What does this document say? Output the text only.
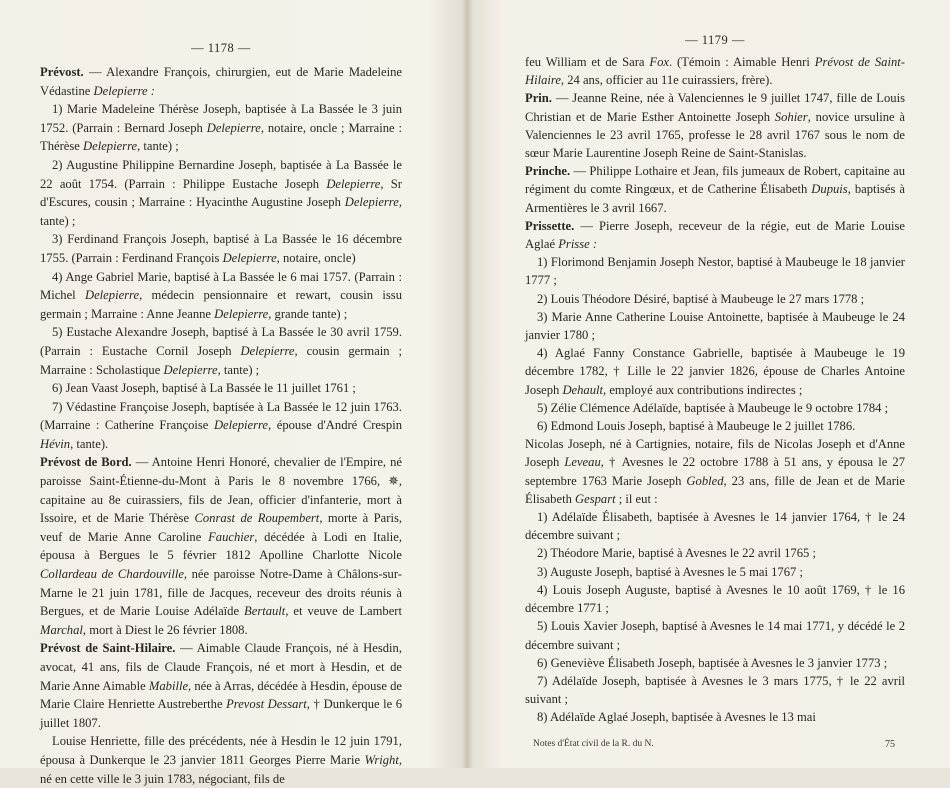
— 1178 —

Prévost. — Alexandre François, chirurgien, eut de Marie Madeleine Védastine Delepierre :

1) Marie Madeleine Thérèse Joseph, baptisée à La Bassée le 3 juin 1752. (Parrain : Bernard Joseph Delepierre, notaire, oncle ; Marraine : Thérèse Delepierre, tante) ;

2) Augustine Philippine Bernardine Joseph, baptisée à La Bassée le 22 août 1754. (Parrain : Philippe Eustache Joseph Delepierre, Sr d'Escures, cousin ; Marraine : Hyacinthe Augustine Joseph Delepierre, tante) ;

3) Ferdinand François Joseph, baptisé à La Bassée le 16 décembre 1755. (Parrain : Ferdinand François Delepierre, notaire, oncle)

4) Ange Gabriel Marie, baptisé à La Bassée le 6 mai 1757. (Parrain : Michel Delepierre, médecin pensionnaire et rewart, cousin issu germain ; Marraine : Anne Jeanne Delepierre, grande tante) ;

5) Eustache Alexandre Joseph, baptisé à La Bassée le 30 avril 1759. (Parrain : Eustache Cornil Joseph Delepierre, cousin germain ; Marraine : Scholastique Delepierre, tante) ;

6) Jean Vaast Joseph, baptisé à La Bassée le 11 juillet 1761 ;

7) Védastine Françoise Joseph, baptisée à La Bassée le 12 juin 1763. (Marraine : Catherine Françoise Delepierre, épouse d'André Crespin Hévin, tante).

Prévost de Bord. — Antoine Henri Honoré, chevalier de l'Empire, né paroisse Saint-Étienne-du-Mont à Paris le 8 novembre 1766, ✵, capitaine au 8e cuirassiers, fils de Jean, officier d'infanterie, mort à Issoire, et de Marie Thérèse Conrast de Roupembert, morte à Paris, veuf de Marie Anne Caroline Fauchier, décédée à Lodi en Italie, épousa à Bergues le 5 février 1812 Apolline Charlotte Nicole Collardeau de Chardouville, née paroisse Notre-Dame à Châlons-sur-Marne le 21 juin 1781, fille de Jacques, receveur des droits réunis à Bergues, et de Marie Louise Adélaïde Bertault, et veuve de Lambert Marchal, mort à Diest le 26 février 1808.

Prévost de Saint-Hilaire. — Aimable Claude François, né à Hesdin, avocat, 41 ans, fils de Claude François, né et mort à Hesdin, et de Marie Anne Aimable Mabille, née à Arras, décédée à Hesdin, épouse de Marie Claire Henriette Austreberthe Prevost Dessart, † Dunkerque le 6 juillet 1807.

Louise Henriette, fille des précédents, née à Hesdin le 12 juin 1791, épousa à Dunkerque le 23 janvier 1811 Georges Pierre Marie Wright, né en cette ville le 3 juin 1783, négociant, fils de

— 1179 —

feu William et de Sara Fox. (Témoin : Aimable Henri Prévost de Saint-Hilaire, 24 ans, officier au 11e cuirassiers, frère).

Prin. — Jeanne Reine, née à Valenciennes le 9 juillet 1747, fille de Louis Christian et de Marie Esther Antoinette Joseph Sohier, novice ursuline à Valenciennes le 23 avril 1765, professe le 28 avril 1767 sous le nom de sœur Marie Laurentine Joseph Reine de Saint-Stanislas.

Prinche. — Philippe Lothaire et Jean, fils jumeaux de Robert, capitaine au régiment du comte Ringœux, et de Catherine Élisabeth Dupuis, baptisés à Armentières le 3 avril 1667.

Prissette. — Pierre Joseph, receveur de la régie, eut de Marie Louise Aglaé Prisse :

1) Florimond Benjamin Joseph Nestor, baptisé à Maubeuge le 18 janvier 1777 ;

2) Louis Théodore Désiré, baptisé à Maubeuge le 27 mars 1778 ;

3) Marie Anne Catherine Louise Antoinette, baptisée à Maubeuge le 24 janvier 1780 ;

4) Aglaé Fanny Constance Gabrielle, baptisée à Maubeuge le 19 décembre 1782, † Lille le 22 janvier 1826, épouse de Charles Antoine Joseph Dehault, employé aux contributions indirectes ;

5) Zélie Clémence Adélaïde, baptisée à Maubeuge le 9 octobre 1784 ;

6) Edmond Louis Joseph, baptisé à Maubeuge le 2 juillet 1786.

Nicolas Joseph, né à Cartignies, notaire, fils de Nicolas Joseph et d'Anne Joseph Leveau, † Avesnes le 22 octobre 1788 à 51 ans, y épousa le 27 septembre 1763 Marie Joseph Gobled, 23 ans, fille de Jean et de Marie Élisabeth Gespart ; il eut :

1) Adélaïde Élisabeth, baptisée à Avesnes le 14 janvier 1764, † le 24 décembre suivant ;

2) Théodore Marie, baptisé à Avesnes le 22 avril 1765 ;

3) Auguste Joseph, baptisé à Avesnes le 5 mai 1767 ;

4) Louis Joseph Auguste, baptisé à Avesnes le 10 août 1769, † le 16 décembre 1771 ;

5) Louis Xavier Joseph, baptisé à Avesnes le 14 mai 1771, y décédé le 2 décembre suivant ;

6) Geneviève Élisabeth Joseph, baptisée à Avesnes le 3 janvier 1773 ;

7) Adélaïde Joseph, baptisée à Avesnes le 3 mars 1775, † le 22 avril suivant ;

8) Adélaïde Aglaé Joseph, baptisée à Avesnes le 13 mai

Notes d'État civil de la R. du N.	75
